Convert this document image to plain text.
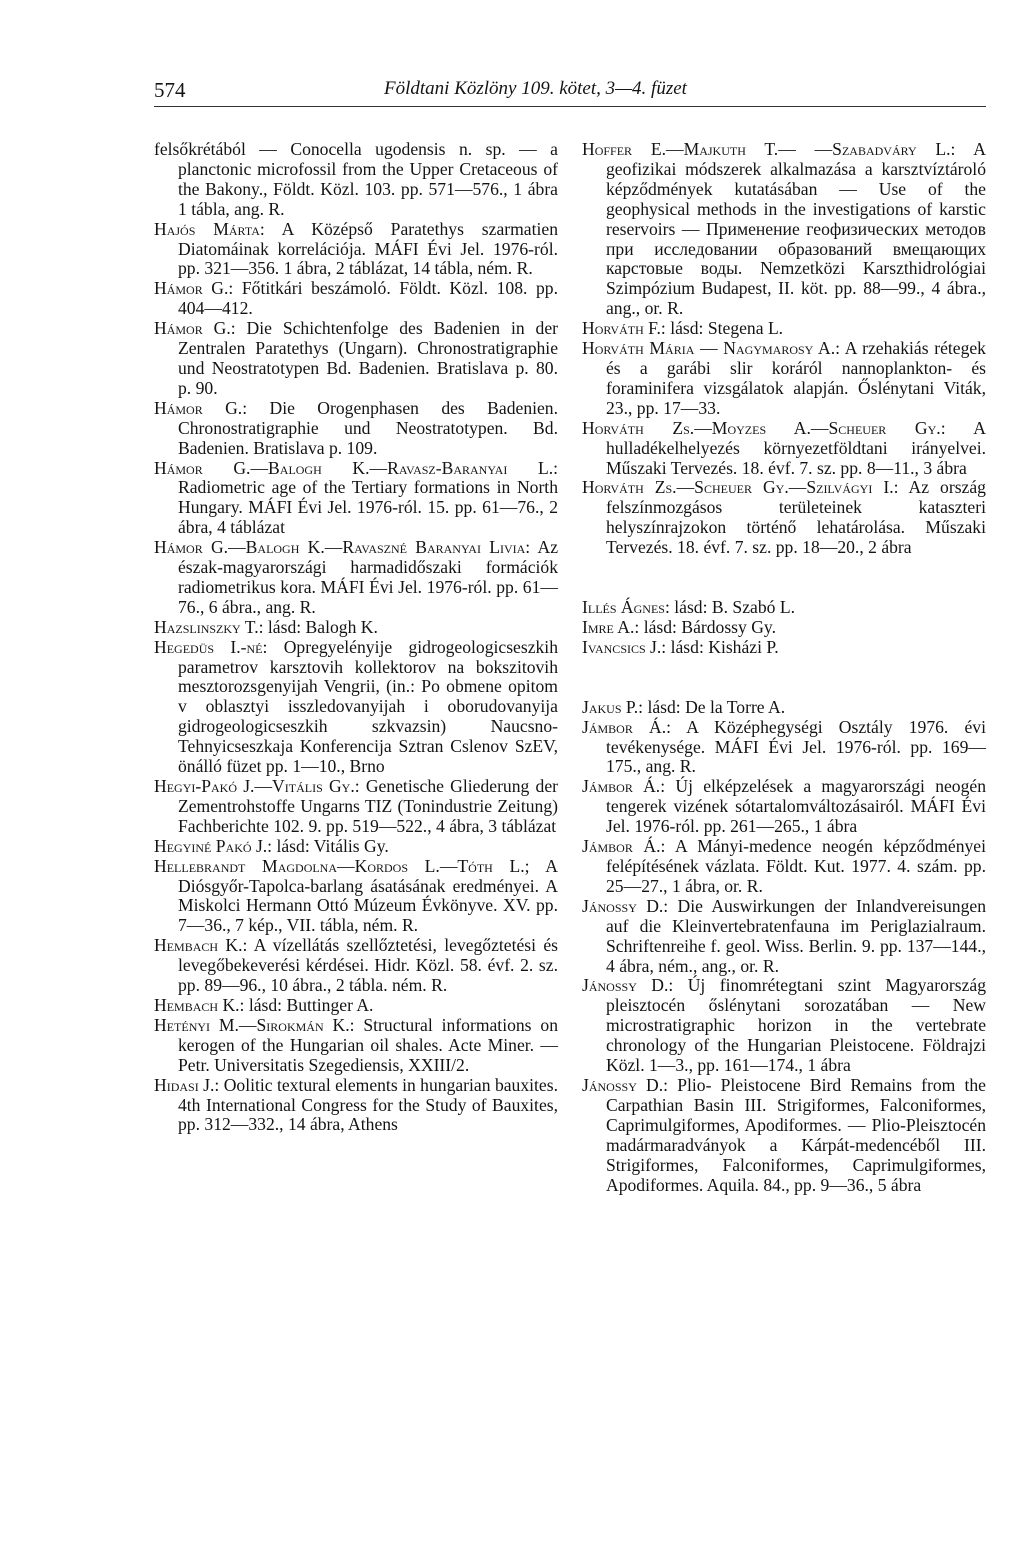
574	Földtani Közlöny 109. kötet, 3—4. füzet

felsőkrétából — Conocella ugodensis n. sp. — a planctonic microfossil from the Upper Cretaceous of the Bakony., Földt. Közl. 103. pp. 571—576., 1 ábra 1 tábla, ang. R.

Hajós Márta: A Középső Paratethys szarmatien Diatomáinak korrelációja. MÁFI Évi Jel. 1976-ról. pp. 321—356. 1 ábra, 2 táblázat, 14 tábla, ném. R.

Hámor G.: Főtitkári beszámoló. Földt. Közl. 108. pp. 404—412.

Hámor G.: Die Schichtenfolge des Badenien in der Zentralen Paratethys (Ungarn). Chronostratigraphie und Neostratotypen Bd. Badenien. Bratislava p. 80. p. 90.

Hámor G.: Die Orogenphasen des Badenien. Chronostratigraphie und Neostratotypen. Bd. Badenien. Bratislava p. 109.

Hámor G.—Balogh K.—Ravasz-Baranyai L.: Radiometric age of the Tertiary formations in North Hungary. MÁFI Évi Jel. 1976-ról. 15. pp. 61—76., 2 ábra, 4 táblázat

Hámor G.—Balogh K.—Ravaszné Baranyai Livia: Az észak-magyarországi harmadidőszaki formációk radiometrikus kora. MÁFI Évi Jel. 1976-ról. pp. 61—76., 6 ábra., ang. R.

Hazslinszky T.: lásd: Balogh K.

Hegedüs I.-né: Opregyelényije gidrogeologicseszkih parametrov karsztovih kollektorov na bokszitovih mesztorozsgenyijah Vengrii, (in.: Po obmene opitom v oblasztyi isszledovanyijah i oborudovanyija gidrogeologicseszkih szkvazsin) Naucsno-Tehnyicseszkaja Konferencija Sztran Cslenov SzEV, önálló füzet pp. 1—10., Brno

Hegyi-Pakó J.—Vitális Gy.: Genetische Gliederung der Zementrohstoffe Ungarns TIZ (Tonindustrie Zeitung) Fachberichte 102. 9. pp. 519—522., 4 ábra, 3 táblázat

Hegyiné Pakó J.: lásd: Vitális Gy.

Hellebrandt Magdolna—Kordos L.—Tóth L.; A Diósgyőr-Tapolca-barlang ásatásának eredményei. A Miskolci Hermann Ottó Múzeum Évkönyve. XV. pp. 7—36., 7 kép., VII. tábla, ném. R.

Hembach K.: A vízellátás szellőztetési, levegőztetési és levegőbekeverési kérdései. Hidr. Közl. 58. évf. 2. sz. pp. 89—96., 10 ábra., 2 tábla. ném. R.

Hembach K.: lásd: Buttinger A.

Hetényi M.—Sirokmán K.: Structural informations on kerogen of the Hungarian oil shales. Acte Miner. — Petr. Universitatis Szegediensis, XXIII/2.

Hidasi J.: Oolitic textural elements in hungarian bauxites. 4th International Congress for the Study of Bauxites, pp. 312—332., 14 ábra, Athens

Hoffer E.—Majkuth T.— —Szabadváry L.: A geofizikai módszerek alkalmazása a karsztvíztároló képződmények kutatásában — Use of the geophysical methods in the investigations of karstic reservoirs — Применение геофизических методов при исследовании образований вмещающих карстовые воды. Nemzetközi Karszthidrológiai Szimpózium Budapest, II. köt. pp. 88—99., 4 ábra., ang., or. R.

Horváth F.: lásd: Stegena L.

Horváth Mária — Nagymarosy A.: A rzehakiás rétegek és a garábi slir koráról nannoplankton- és foraminifera vizsgálatok alapján. Őslénytani Viták, 23., pp. 17—33.

Horváth Zs.—Moyzes A.—Scheuer Gy.: A hulladékelhelyezés környezetföldtani irányelvei. Műszaki Tervezés. 18. évf. 7. sz. pp. 8—11., 3 ábra

Horváth Zs.—Scheuer Gy.—Szilvágyi I.: Az ország felszínmozgásos területeinek kataszteri helyszínrajzokon történő lehatárolása. Műszaki Tervezés. 18. évf. 7. sz. pp. 18—20., 2 ábra

Illés Ágnes: lásd: B. Szabó L.

Imre A.: lásd: Bárdossy Gy.

Ivancsics J.: lásd: Kisházi P.

Jakus P.: lásd: De la Torre A.

Jámbor Á.: A Középhegységi Osztály 1976. évi tevékenysége. MÁFI Évi Jel. 1976-ról. pp. 169—175., ang. R.

Jámbor Á.: Új elképzelések a magyarországi neogén tengerek vizének sótartalomváltozásairól. MÁFI Évi Jel. 1976-ról. pp. 261—265., 1 ábra

Jámbor Á.: A Mányi-medence neogén képződményei felépítésének vázlata. Földt. Kut. 1977. 4. szám. pp. 25—27., 1 ábra, or. R.

Jánossy D.: Die Auswirkungen der Inlandvereisungen auf die Kleinvertebratenfauna im Periglazialraum. Schriftenreihe f. geol. Wiss. Berlin. 9. pp. 137—144., 4 ábra, ném., ang., or. R.

Jánossy D.: Új finomrétegtani szint Magyarország pleisztocén őslénytani sorozatában — New microstratigraphic horizon in the vertebrate chronology of the Hungarian Pleistocene. Földrajzi Közl. 1—3., pp. 161—174., 1 ábra

Jánossy D.: Plio- Pleistocene Bird Remains from the Carpathian Basin III. Strigiformes, Falconiformes, Caprimulgiformes, Apodiformes. — Plio-Pleisztocén madármaradványok a Kárpát-medencéből III. Strigiformes, Falconiformes, Caprimulgiformes, Apodiformes. Aquila. 84., pp. 9—36., 5 ábra
